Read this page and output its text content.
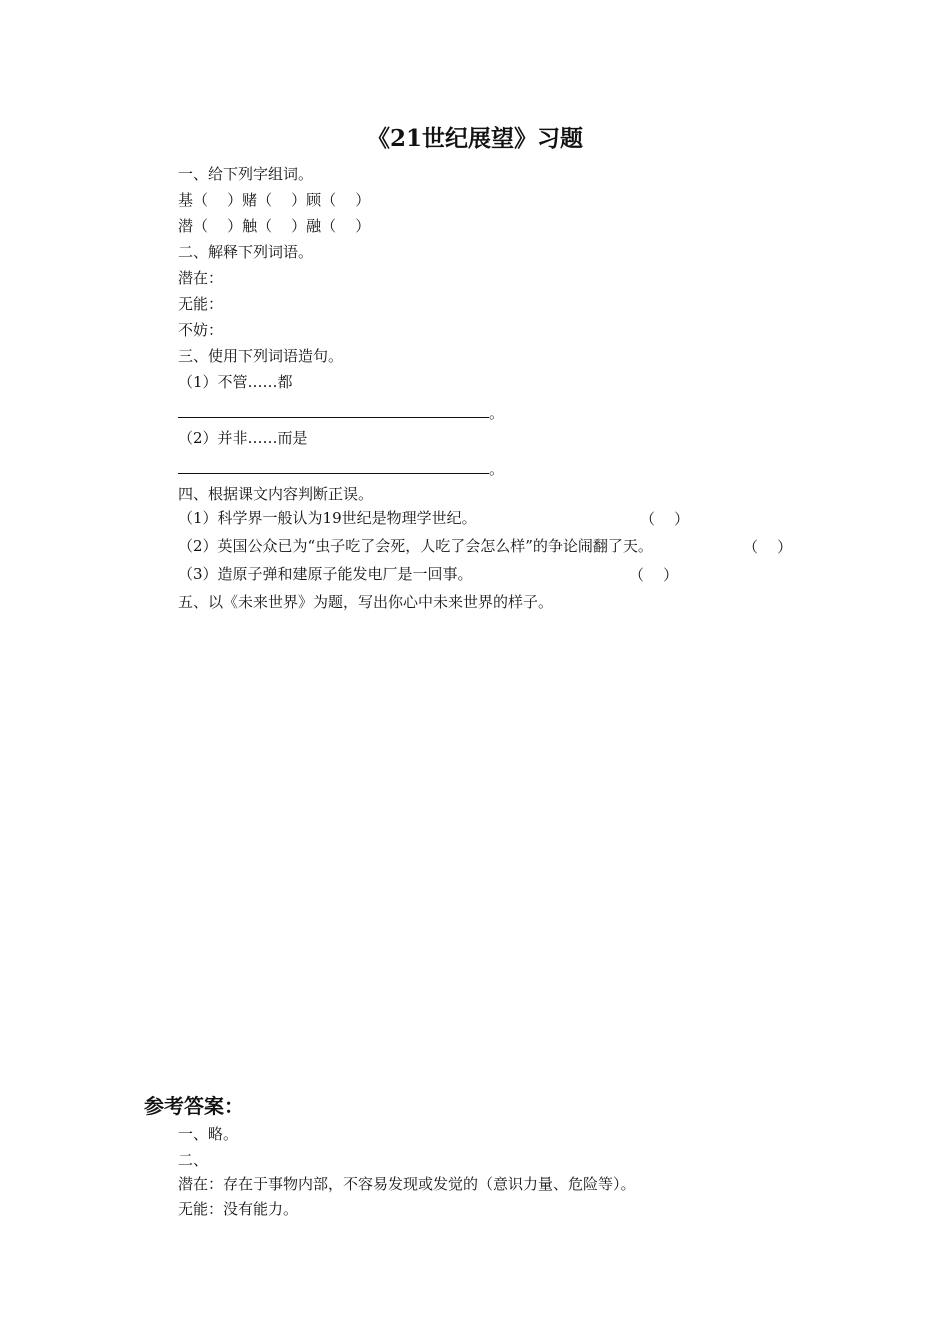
《21世纪展望》习题
一、给下列字组词。
基（    ）赌（    ）顾（    ）
潜（    ）触（    ）融（    ）
二、解释下列词语。
潜在：
无能：
不妨：
三、使用下列词语造句。
（1）不管……都
。
（2）并非……而是
。
四、根据课文内容判断正误。
（1）科学界一般认为19世纪是物理学世纪。	（    ）
（2）英国公众已为“虫子吃了会死，人吃了会怎么样”的争论闹翻了天。	（    ）
（3）造原子弹和建原子能发电厂是一回事。	（    ）
五、以《未来世界》为题，写出你心中未来世界的样子。
参考答案：
一、略。
二、
潜在：存在于事物内部，不容易发现或发觉的（意识力量、危险等）。
无能：没有能力。
